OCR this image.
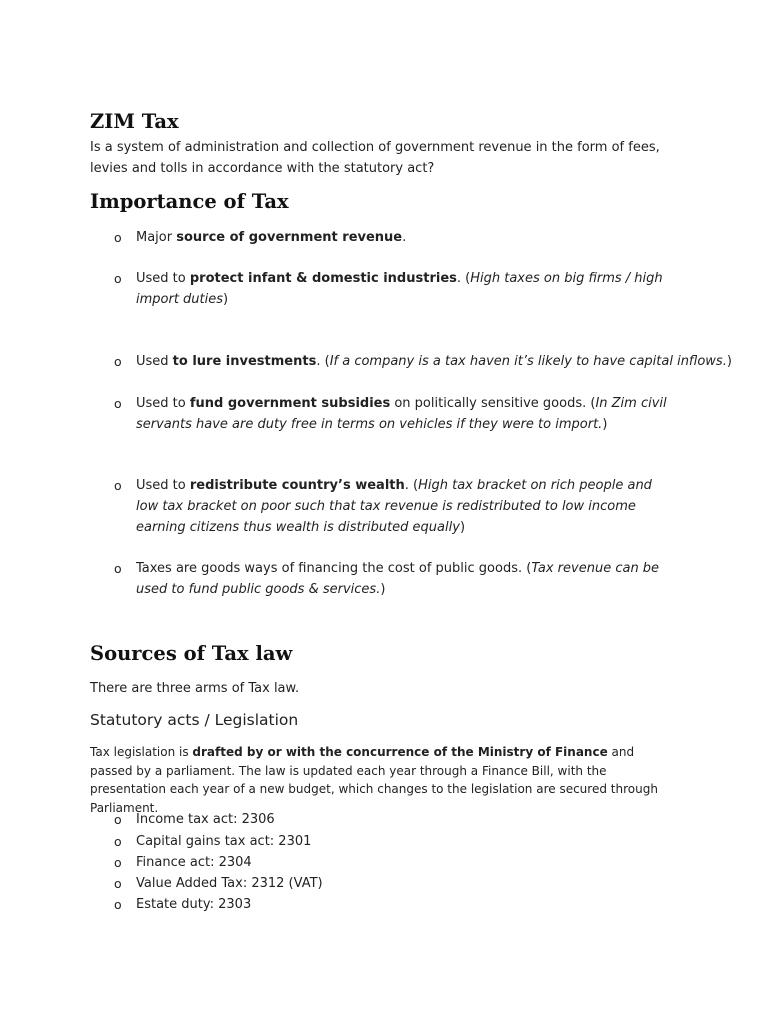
ZIM Tax
Is a system of administration and collection of government revenue in the form of fees, levies and tolls in accordance with the statutory act?
Importance of Tax
o Major source of government revenue.
o Used to protect infant & domestic industries. (High taxes on big firms / high import duties)
o Used to lure investments. (If a company is a tax haven it’s likely to have capital inflows.)
o Used to fund government subsidies on politically sensitive goods. (In Zim civil servants have are duty free in terms on vehicles if they were to import.)
o Used to redistribute country’s wealth. (High tax bracket on rich people and low tax bracket on poor such that tax revenue is redistributed to low income earning citizens thus wealth is distributed equally)
o Taxes are goods ways of financing the cost of public goods. (Tax revenue can be used to fund public goods & services.)
Sources of Tax law
There are three arms of Tax law.
Statutory acts / Legislation
Tax legislation is drafted by or with the concurrence of the Ministry of Finance and passed by a parliament. The law is updated each year through a Finance Bill, with the presentation each year of a new budget, which changes to the legislation are secured through Parliament.
o Income tax act: 2306
o Capital gains tax act: 2301
o Finance act: 2304
o Value Added Tax: 2312 (VAT)
o Estate duty: 2303
